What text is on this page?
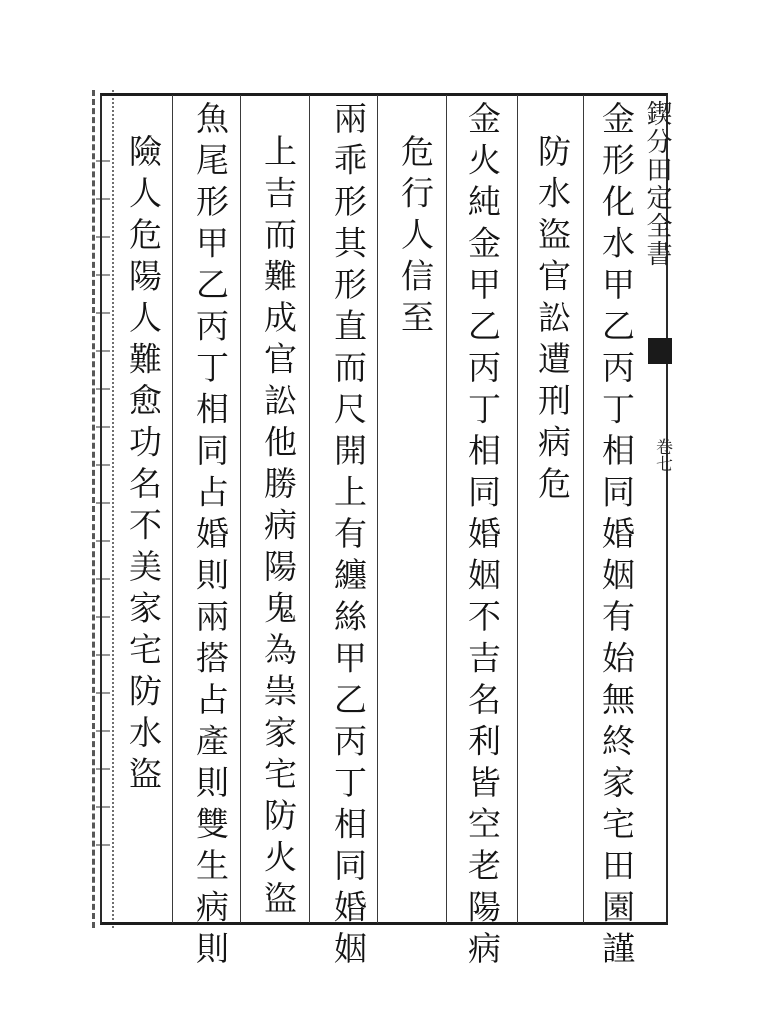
鍥分田定全書
卷七
金形化水甲乙丙丁相同婚姻有始無終家宅田園謹
防水盜官訟遭刑病危
金火純金甲乙丙丁相同婚姻不吉名利皆空老陽病
危行人信至
兩乖形其形直而尺開上有纏絲甲乙丙丁相同婚姻
上吉而難成官訟他勝病陽鬼為祟家宅防火盜
魚尾形甲乙丙丁相同占婚則兩搭占產則雙生病則
險人危陽人難愈功名不美家宅防水盜
